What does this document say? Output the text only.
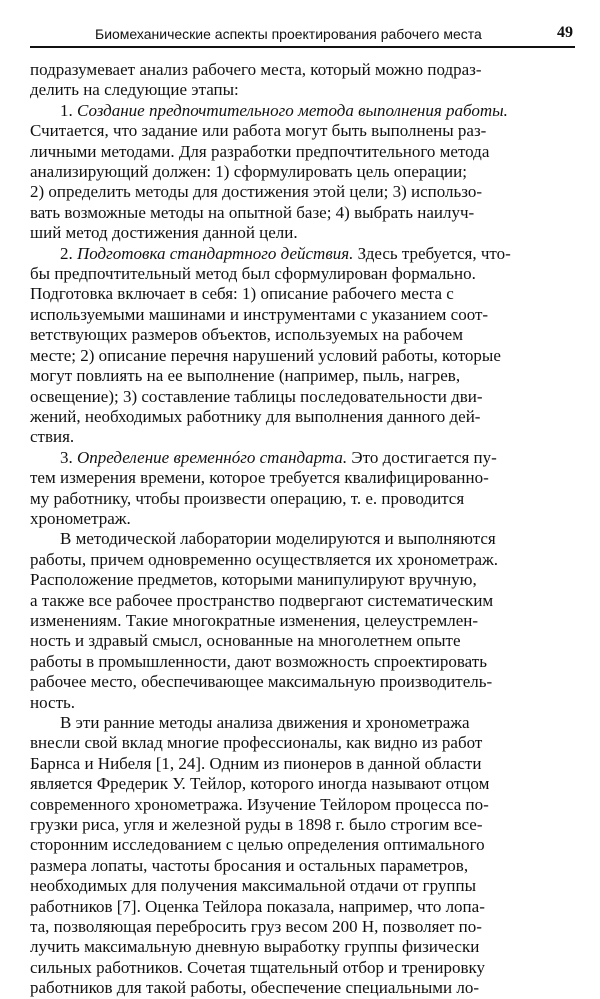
Биомеханические аспекты проектирования рабочего места	49
подразумевает анализ рабочего места, который можно подраз-
делить на следующие этапы:
1. Создание предпочтительного метода выполнения работы.
Считается, что задание или работа могут быть выполнены раз-
личными методами. Для разработки предпочтительного метода
анализирующий должен: 1) сформулировать цель операции;
2) определить методы для достижения этой цели; 3) использо-
вать возможные методы на опытной базе; 4) выбрать наилуч-
ший метод достижения данной цели.
2. Подготовка стандартного действия. Здесь требуется, что-
бы предпочтительный метод был сформулирован формально.
Подготовка включает в себя: 1) описание рабочего места с
используемыми машинами и инструментами с указанием соот-
ветствующих размеров объектов, используемых на рабочем
месте; 2) описание перечня нарушений условий работы, которые
могут повлиять на ее выполнение (например, пыль, нагрев,
освещение); 3) составление таблицы последовательности дви-
жений, необходимых работнику для выполнения данного дей-
ствия.
3. Определение временнóго стандарта. Это достигается пу-
тем измерения времени, которое требуется квалифицированно-
му работнику, чтобы произвести операцию, т. е. проводится
хронометраж.
В методической лаборатории моделируются и выполняются
работы, причем одновременно осуществляется их хронометраж.
Расположение предметов, которыми манипулируют вручную,
а также все рабочее пространство подвергают систематическим
изменениям. Такие многократные изменения, целеустремлен-
ность и здравый смысл, основанные на многолетнем опыте
работы в промышленности, дают возможность спроектировать
рабочее место, обеспечивающее максимальную производитель-
ность.
В эти ранние методы анализа движения и хронометража
внесли свой вклад многие профессионалы, как видно из работ
Барнса и Нибеля [1, 24]. Одним из пионеров в данной области
является Фредерик У. Тейлор, которого иногда называют отцом
современного хронометража. Изучение Тейлором процесса по-
грузки риса, угля и железной руды в 1898 г. было строгим все-
сторонним исследованием с целью определения оптимального
размера лопаты, частоты бросания и остальных параметров,
необходимых для получения максимальной отдачи от группы
работников [7]. Оценка Тейлора показала, например, что лопа-
та, позволяющая перебросить груз весом 200 Н, позволяет по-
лучить максимальную дневную выработку группы физически
сильных работников. Сочетая тщательный отбор и тренировку
работников для такой работы, обеспечение специальными ло-
